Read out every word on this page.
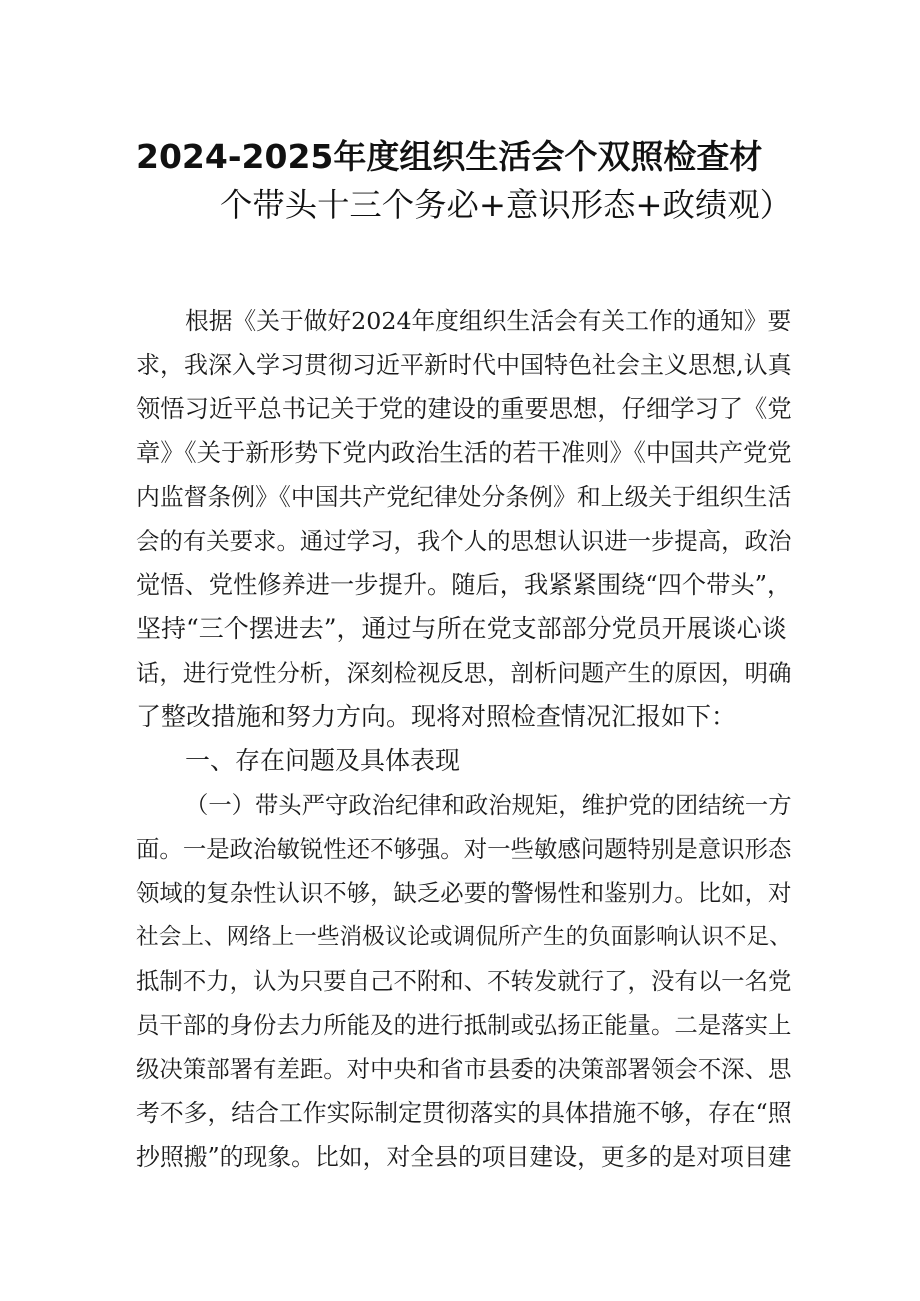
2024-2025年度组织生活会个双照检查材
个带头十三个务必+意识形态+政绩观）
根据《关于做好2024年度组织生活会有关工作的通知》要
求，我深入学习贯彻习近平新时代中国特色社会主义思想,认真
领悟习近平总书记关于党的建设的重要思想，仔细学习了《党
章》《关于新形势下党内政治生活的若干准则》《中国共产党党
内监督条例》《中国共产党纪律处分条例》和上级关于组织生活
会的有关要求。通过学习，我个人的思想认识进一步提高，政治
觉悟、党性修养进一步提升。随后，我紧紧围绕“四个带头”，
坚持“三个摆进去”，通过与所在党支部部分党员开展谈心谈
话，进行党性分析，深刻检视反思，剖析问题产生的原因，明确
了整改措施和努力方向。现将对照检查情况汇报如下：
一、存在问题及具体表现
（一）带头严守政治纪律和政治规矩，维护党的团结统一方
面。一是政治敏锐性还不够强。对一些敏感问题特别是意识形态
领域的复杂性认识不够，缺乏必要的警惕性和鉴别力。比如，对
社会上、网络上一些消极议论或调侃所产生的负面影响认识不足、
抵制不力，认为只要自己不附和、不转发就行了，没有以一名党
员干部的身份去力所能及的进行抵制或弘扬正能量。二是落实上
级决策部署有差距。对中央和省市县委的决策部署领会不深、思
考不多，结合工作实际制定贯彻落实的具体措施不够，存在“照
抄照搬”的现象。比如，对全县的项目建设，更多的是对项目建
